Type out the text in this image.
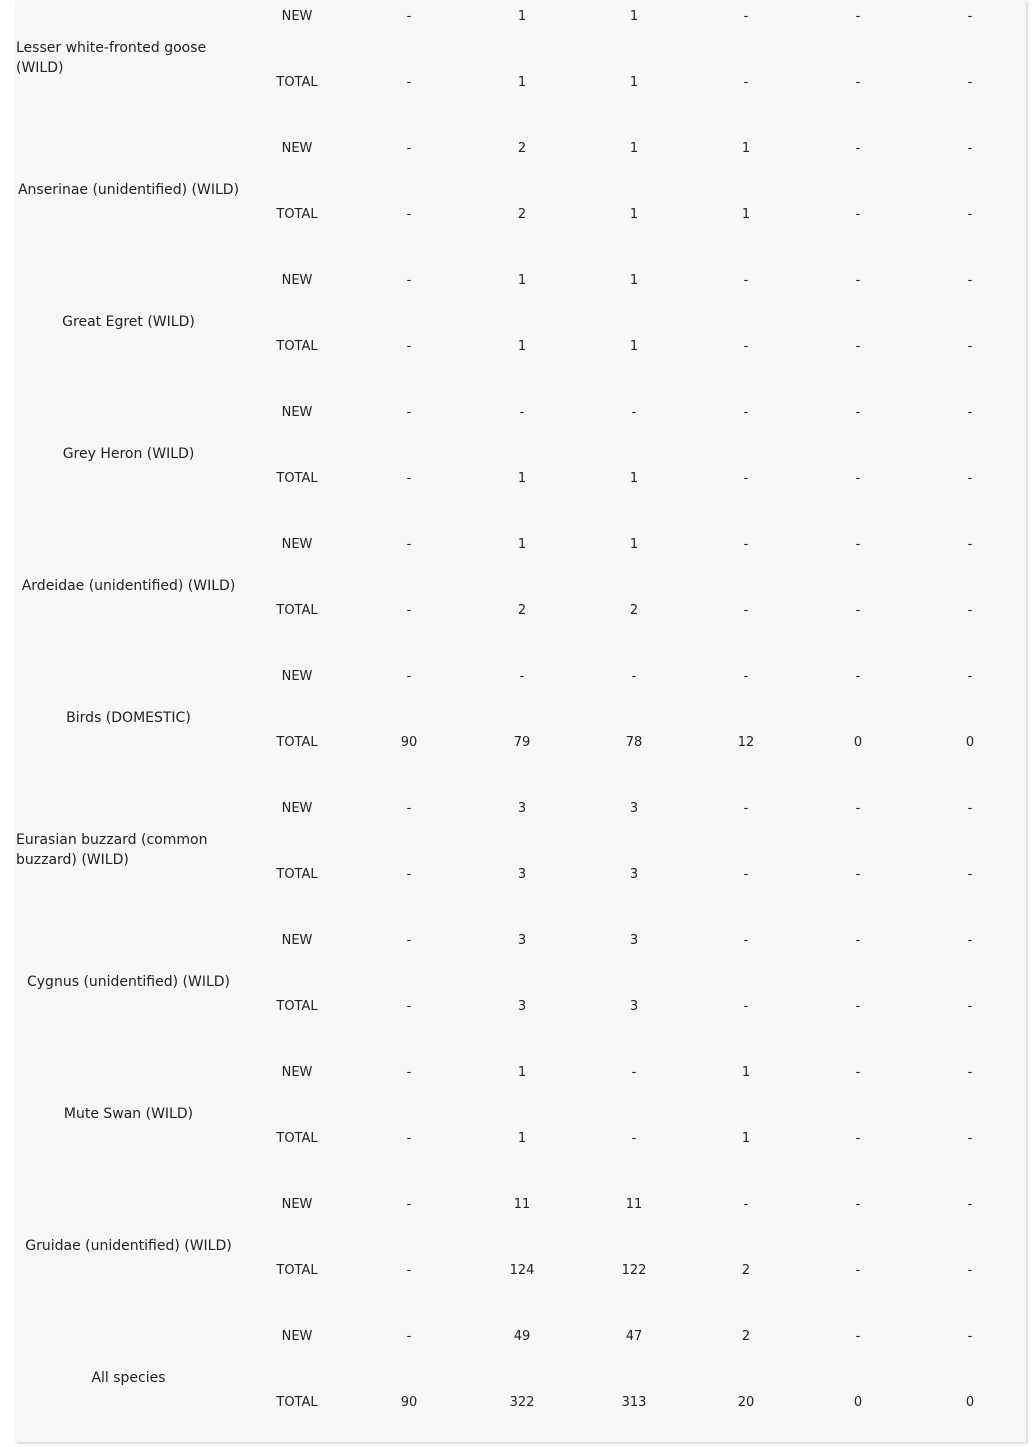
Lesser white-fronted goose (WILD)
NEW	-	1	1	-	-	-
TOTAL	-	1	1	-	-	-
Anserinae (unidentified) (WILD)
NEW	-	2	1	1	-	-
TOTAL	-	2	1	1	-	-
Great Egret (WILD)
NEW	-	1	1	-	-	-
TOTAL	-	1	1	-	-	-
Grey Heron (WILD)
NEW	-	-	-	-	-	-
TOTAL	-	1	1	-	-	-
Ardeidae (unidentified) (WILD)
NEW	-	1	1	-	-	-
TOTAL	-	2	2	-	-	-
Birds (DOMESTIC)
NEW	-	-	-	-	-	-
TOTAL	90	79	78	12	0	0
Eurasian buzzard (common buzzard) (WILD)
NEW	-	3	3	-	-	-
TOTAL	-	3	3	-	-	-
Cygnus (unidentified) (WILD)
NEW	-	3	3	-	-	-
TOTAL	-	3	3	-	-	-
Mute Swan (WILD)
NEW	-	1	-	1	-	-
TOTAL	-	1	-	1	-	-
Gruidae (unidentified) (WILD)
NEW	-	11	11	-	-	-
TOTAL	-	124	122	2	-	-
All species
NEW	-	49	47	2	-	-
TOTAL	90	322	313	20	0	0
